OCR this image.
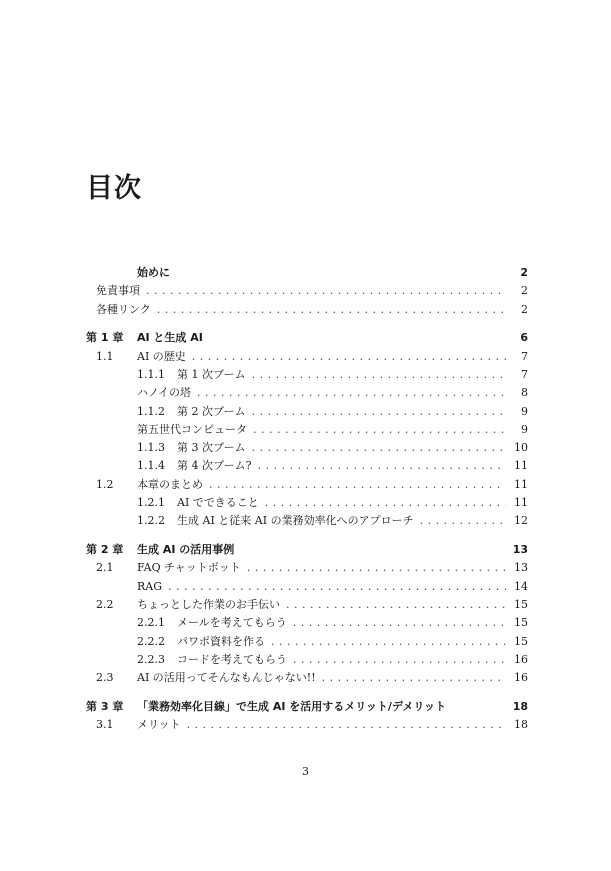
目次
始めに	2
免責事項 . . .	2
各種リンク . . .	2
第 1 章	AI と生成 AI	6
1.1	AI の歴史 . . .	7
1.1.1	第 1 次ブーム . . .	7
ハノイの塔 . . .	8
1.1.2	第 2 次ブーム . . .	9
第五世代コンピュータ . . .	9
1.1.3	第 3 次ブーム . . .	10
1.1.4	第 4 次ブーム? . . .	11
1.2	本章のまとめ . . .	11
1.2.1	AI でできること . . .	11
1.2.2	生成 AI と従来 AI の業務効率化へのアプローチ . . .	12
第 2 章	生成 AI の活用事例	13
2.1	FAQ チャットボット . . .	13
RAG . . .	14
2.2	ちょっとした作業のお手伝い . . .	15
2.2.1	メールを考えてもらう . . .	15
2.2.2	パワポ資料を作る . . .	15
2.2.3	コードを考えてもらう . . .	16
2.3	AI の活用ってそんなもんじゃない!! . . .	16
第 3 章	「業務効率化目線」で生成 AI を活用するメリット/デメリット	18
3.1	メリット . . .	18
3
